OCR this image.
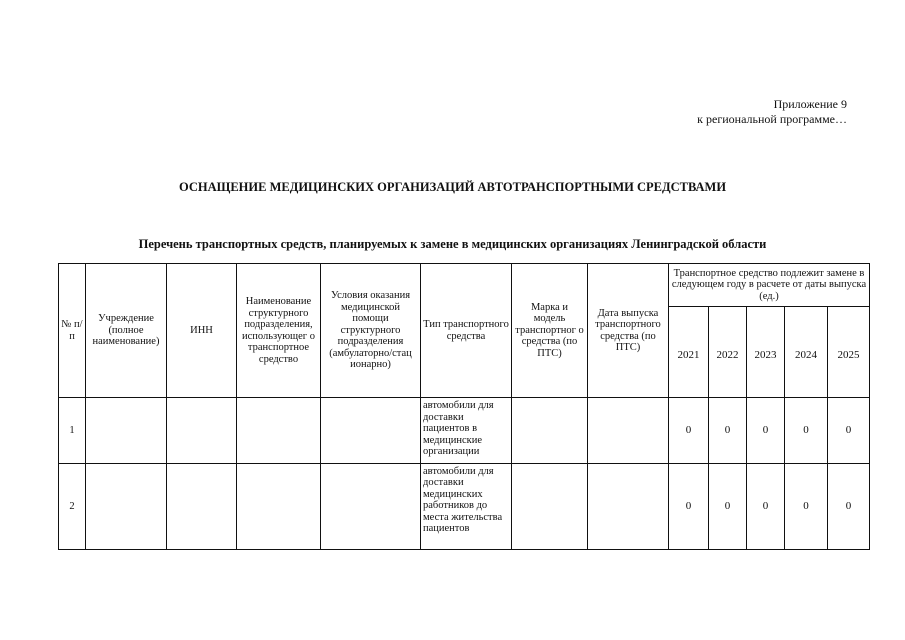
Приложение 9
к региональной программе…
ОСНАЩЕНИЕ МЕДИЦИНСКИХ ОРГАНИЗАЦИЙ АВТОТРАНСПОРТНЫМИ СРЕДСТВАМИ
Перечень транспортных средств, планируемых к замене в медицинских организациях Ленинградской области
№ п/п	Учреждение (полное наименование)	ИНН	Наименование структурного подразделения, использующег о транспортное средство	Условия оказания медицинской помощи структурного подразделения (амбулаторно/стац ионарно)	Тип транспортного средства	Марка и модель транспортног о средства (по ПТС)	Дата выпуска транспортного средства (по ПТС)	Транспортное средство подлежит замене в следующем году в расчете от даты выпуска (ед.)				
								2021	2022	2023	2024	2025
1					автомобили для доставки пациентов в медицинские организации			0	0	0	0	0
2					автомобили для доставки медицинских работников до места жительства пациентов			0	0	0	0	0
